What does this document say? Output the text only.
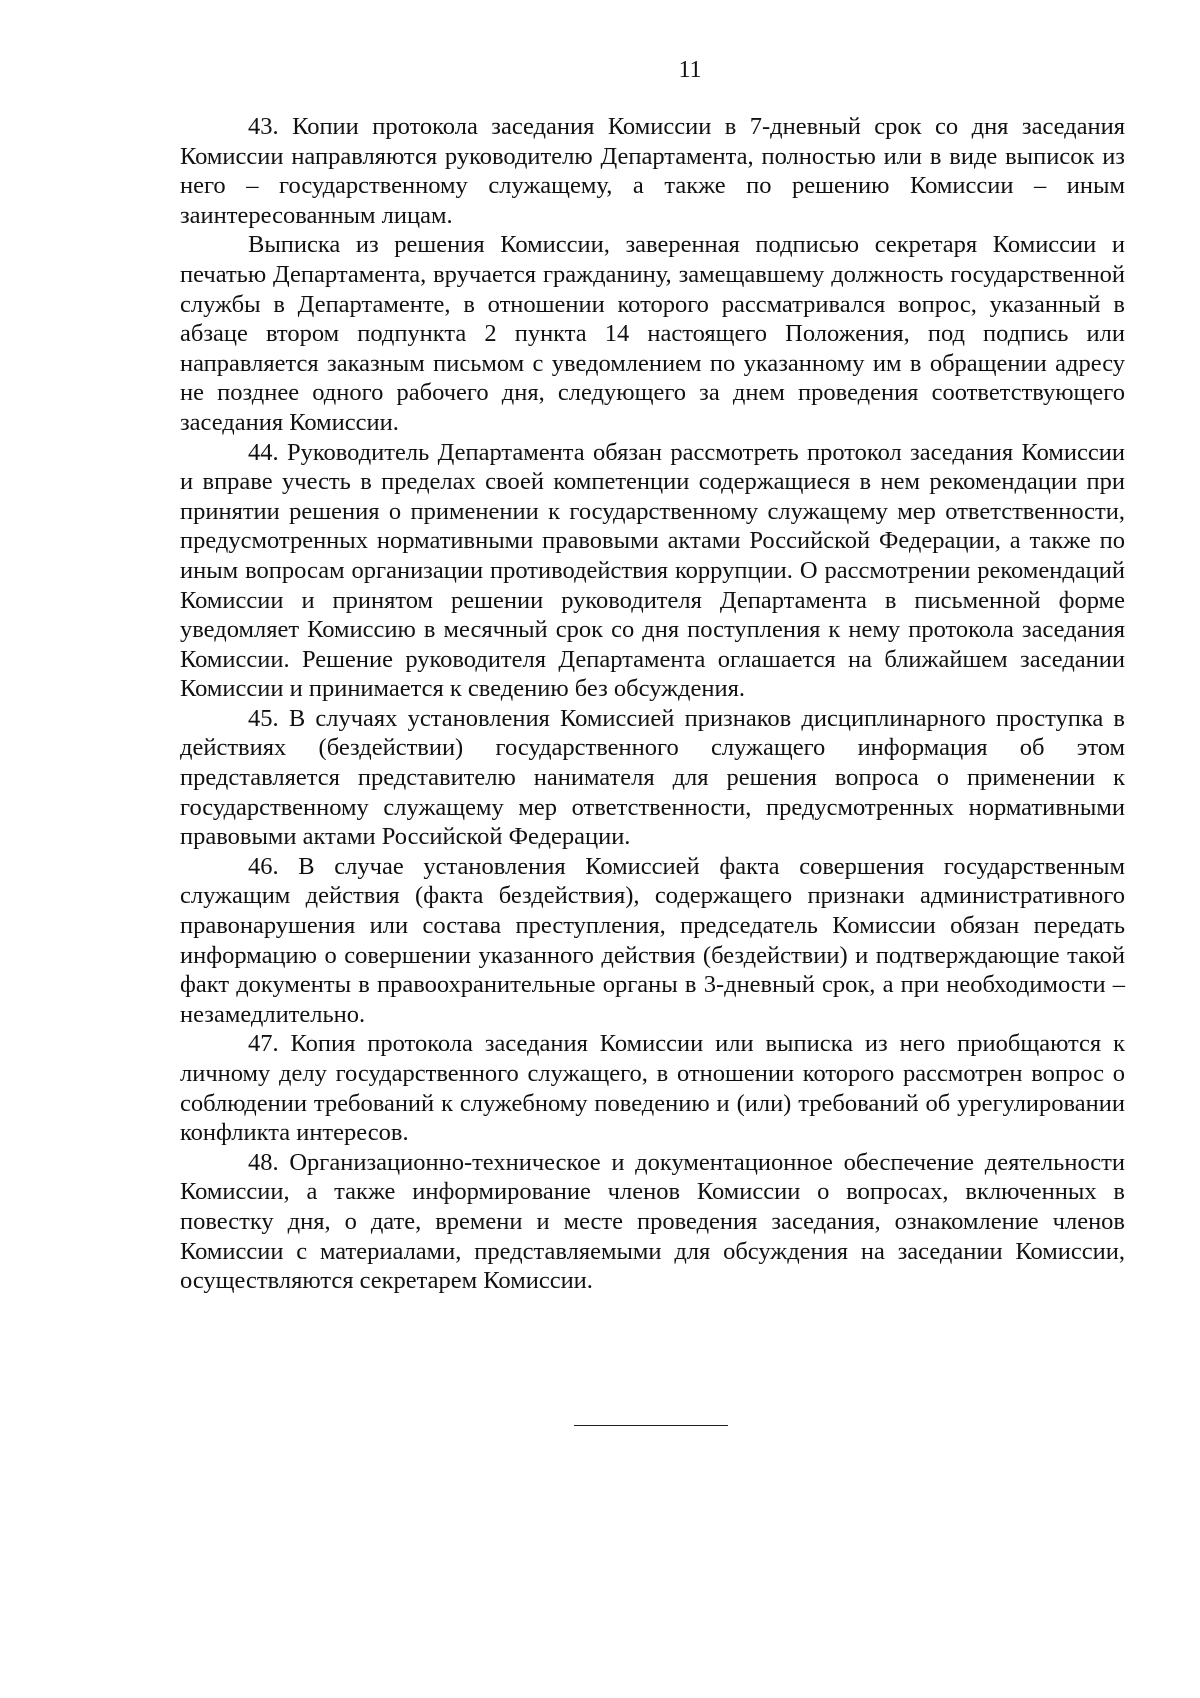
11

43. Копии протокола заседания Комиссии в 7-дневный срок со дня заседания Комиссии направляются руководителю Департамента, полностью или в виде выписок из него – государственному служащему, а также по решению Комиссии – иным заинтересованным лицам.

Выписка из решения Комиссии, заверенная подписью секретаря Комиссии и печатью Департамента, вручается гражданину, замещавшему должность государственной службы в Департаменте, в отношении которого рассматривался вопрос, указанный в абзаце втором подпункта 2 пункта 14 настоящего Положения, под подпись или направляется заказным письмом с уведомлением по указанному им в обращении адресу не позднее одного рабочего дня, следующего за днем проведения соответствующего заседания Комиссии.

44. Руководитель Департамента обязан рассмотреть протокол заседания Комиссии и вправе учесть в пределах своей компетенции содержащиеся в нем рекомендации при принятии решения о применении к государственному служащему мер ответственности, предусмотренных нормативными правовыми актами Российской Федерации, а также по иным вопросам организации противодействия коррупции. О рассмотрении рекомендаций Комиссии и принятом решении руководителя Департамента в письменной форме уведомляет Комиссию в месячный срок со дня поступления к нему протокола заседания Комиссии. Решение руководителя Департамента оглашается на ближайшем заседании Комиссии и принимается к сведению без обсуждения.

45. В случаях установления Комиссией признаков дисциплинарного проступка в действиях (бездействии) государственного служащего информация об этом представляется представителю нанимателя для решения вопроса о применении к государственному служащему мер ответственности, предусмотренных нормативными правовыми актами Российской Федерации.

46. В случае установления Комиссией факта совершения государственным служащим действия (факта бездействия), содержащего признаки административного правонарушения или состава преступления, председатель Комиссии обязан передать информацию о совершении указанного действия (бездействии) и подтверждающие такой факт документы в правоохранительные органы в 3-дневный срок, а при необходимости – незамедлительно.

47. Копия протокола заседания Комиссии или выписка из него приобщаются к личному делу государственного служащего, в отношении которого рассмотрен вопрос о соблюдении требований к служебному поведению и (или) требований об урегулировании конфликта интересов.

48. Организационно-техническое и документационное обеспечение деятельности Комиссии, а также информирование членов Комиссии о вопросах, включенных в повестку дня, о дате, времени и месте проведения заседания, ознакомление членов Комиссии с материалами, представляемыми для обсуждения на заседании Комиссии, осуществляются секретарем Комиссии.
